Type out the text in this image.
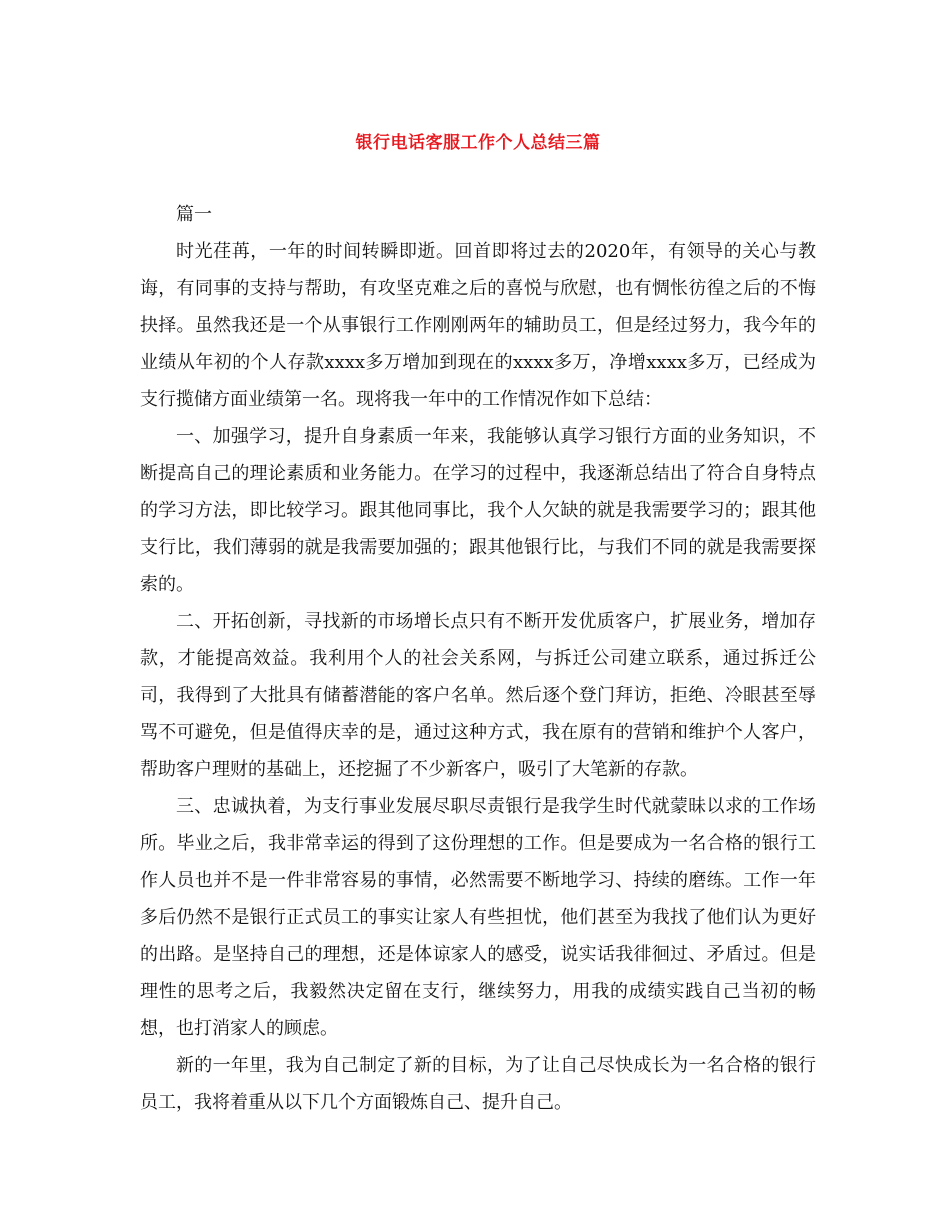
银行电话客服工作个人总结三篇

篇一

时光荏苒，一年的时间转瞬即逝。回首即将过去的2020年，有领导的关心与教诲，有同事的支持与帮助，有攻坚克难之后的喜悦与欣慰，也有惆怅彷徨之后的不悔抉择。虽然我还是一个从事银行工作刚刚两年的辅助员工，但是经过努力，我今年的业绩从年初的个人存款xxxx多万增加到现在的xxxx多万，净增xxxx多万，已经成为支行揽储方面业绩第一名。现将我一年中的工作情况作如下总结：

一、加强学习，提升自身素质一年来，我能够认真学习银行方面的业务知识，不断提高自己的理论素质和业务能力。在学习的过程中，我逐渐总结出了符合自身特点的学习方法，即比较学习。跟其他同事比，我个人欠缺的就是我需要学习的；跟其他支行比，我们薄弱的就是我需要加强的；跟其他银行比，与我们不同的就是我需要探索的。

二、开拓创新，寻找新的市场增长点只有不断开发优质客户，扩展业务，增加存款，才能提高效益。我利用个人的社会关系网，与拆迁公司建立联系，通过拆迁公司，我得到了大批具有储蓄潜能的客户名单。然后逐个登门拜访，拒绝、冷眼甚至辱骂不可避免，但是值得庆幸的是，通过这种方式，我在原有的营销和维护个人客户，帮助客户理财的基础上，还挖掘了不少新客户，吸引了大笔新的存款。

三、忠诚执着，为支行事业发展尽职尽责银行是我学生时代就蒙昧以求的工作场所。毕业之后，我非常幸运的得到了这份理想的工作。但是要成为一名合格的银行工作人员也并不是一件非常容易的事情，必然需要不断地学习、持续的磨练。工作一年多后仍然不是银行正式员工的事实让家人有些担忧，他们甚至为我找了他们认为更好的出路。是坚持自己的理想，还是体谅家人的感受，说实话我徘徊过、矛盾过。但是理性的思考之后，我毅然决定留在支行，继续努力，用我的成绩实践自己当初的畅想，也打消家人的顾虑。

新的一年里，我为自己制定了新的目标，为了让自己尽快成长为一名合格的银行员工，我将着重从以下几个方面锻炼自己、提升自己。
